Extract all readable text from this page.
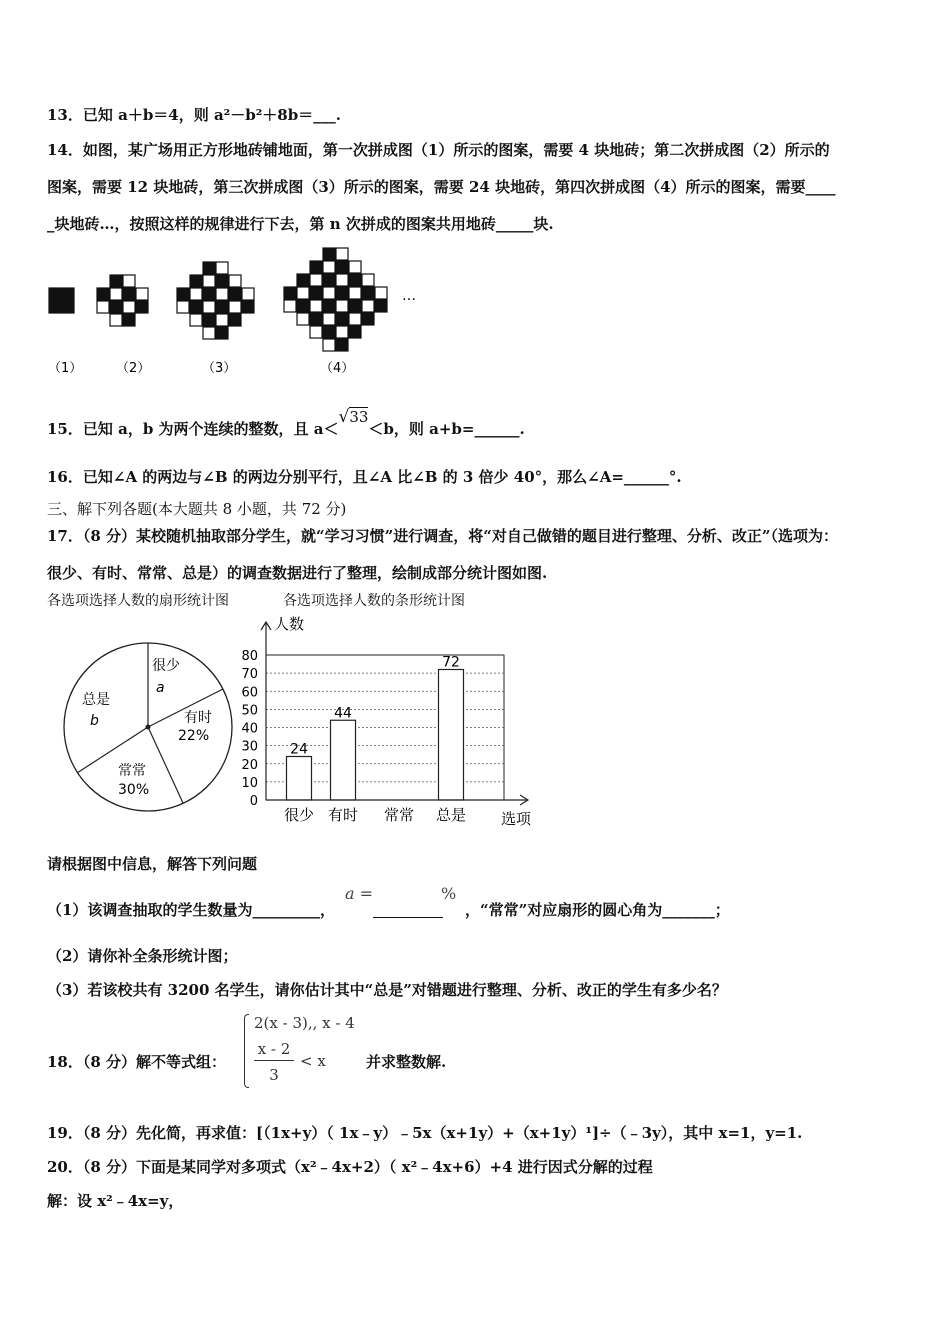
13．已知 a＋b＝4，则 a²－b²＋8b＝___.
14．如图，某广场用正方形地砖铺地面，第一次拼成图（1）所示的图案，需要 4 块地砖；第二次拼成图（2）所示的
图案，需要 12 块地砖，第三次拼成图（3）所示的图案，需要 24 块地砖，第四次拼成图（4）所示的图案，需要____
_块地砖…，按照这样的规律进行下去，第 n 次拼成的图案共用地砖_____块.
（1）	（2）	（3）	（4）
…
15．已知 a，b 为两个连续的整数，且 a＜√33＜b，则 a+b=______.
16．已知∠A 的两边与∠B 的两边分别平行，且∠A 比∠B 的 3 倍少 40°，那么∠A=______°.
三、解下列各题(本大题共 8 小题，共 72 分)
17．（8 分）某校随机抽取部分学生，就“学习习惯”进行调查，将“对自己做错的题目进行整理、分析、改正”（选项为：
很少、有时、常常、总是）的调查数据进行了整理，绘制成部分统计图如图.
各选项选择人数的扇形统计图	各选项选择人数的条形统计图
很少
a
有时
22%
常常
30%
总是
b
0
10
20
30
40
50
60
70
80
24
44
72
很少 有时 常常 总是
人数
选项
请根据图中信息，解答下列问题
（1）该调查抽取的学生数量为_________，
a =	%
，“常常”对应扇形的圆心角为_______；
（2）请你补全条形统计图；
（3）若该校共有 3200 名学生，请你估计其中“总是”对错题进行整理、分析、改正的学生有多少名？
18．（8 分）解不等式组：
2(x - 3),, x - 4
x - 2
3
< x	并求整数解.
19．（8 分）先化简，再求值：[（1x+y）（ 1x﹣y）﹣5x（x+1y）+（x+1y）¹]÷（﹣3y），其中 x=1，y=1.
20．（8 分）下面是某同学对多项式（x²﹣4x+2）（ x²﹣4x+6）+4 进行因式分解的过程
解：设 x²﹣4x=y，
